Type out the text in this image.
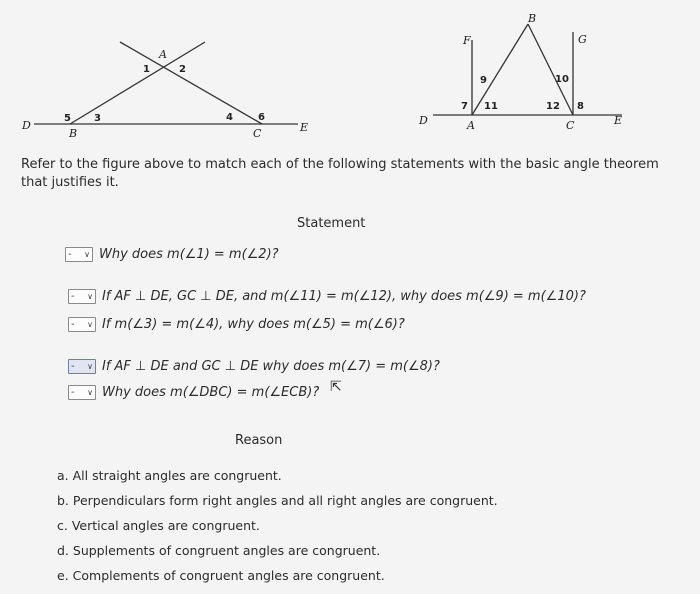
D
B	C	E
A
1	2
3	4
5	6	D
F
B
G
A	C	E
7
9
11
10
12 8
Refer to the figure above to match each of the following statements with the basic angle theorem that justifies it.
Statement
- ∨ Why does m(∠1) = m(∠2)?
- ∨ If AF ⊥ DE, GC ⊥ DE, and m(∠11) = m(∠12), why does m(∠9) = m(∠10)?
- ∨ If m(∠3) = m(∠4), why does m(∠5) = m(∠6)?
- ∨ If AF ⊥ DE and GC ⊥ DE why does m(∠7) = m(∠8)?
- ∨ Why does m(∠DBC) = m(∠ECB)? ⇱
Reason
a. All straight angles are congruent.
b. Perpendiculars form right angles and all right angles are congruent.
c. Vertical angles are congruent.
d. Supplements of congruent angles are congruent.
e. Complements of congruent angles are congruent.
